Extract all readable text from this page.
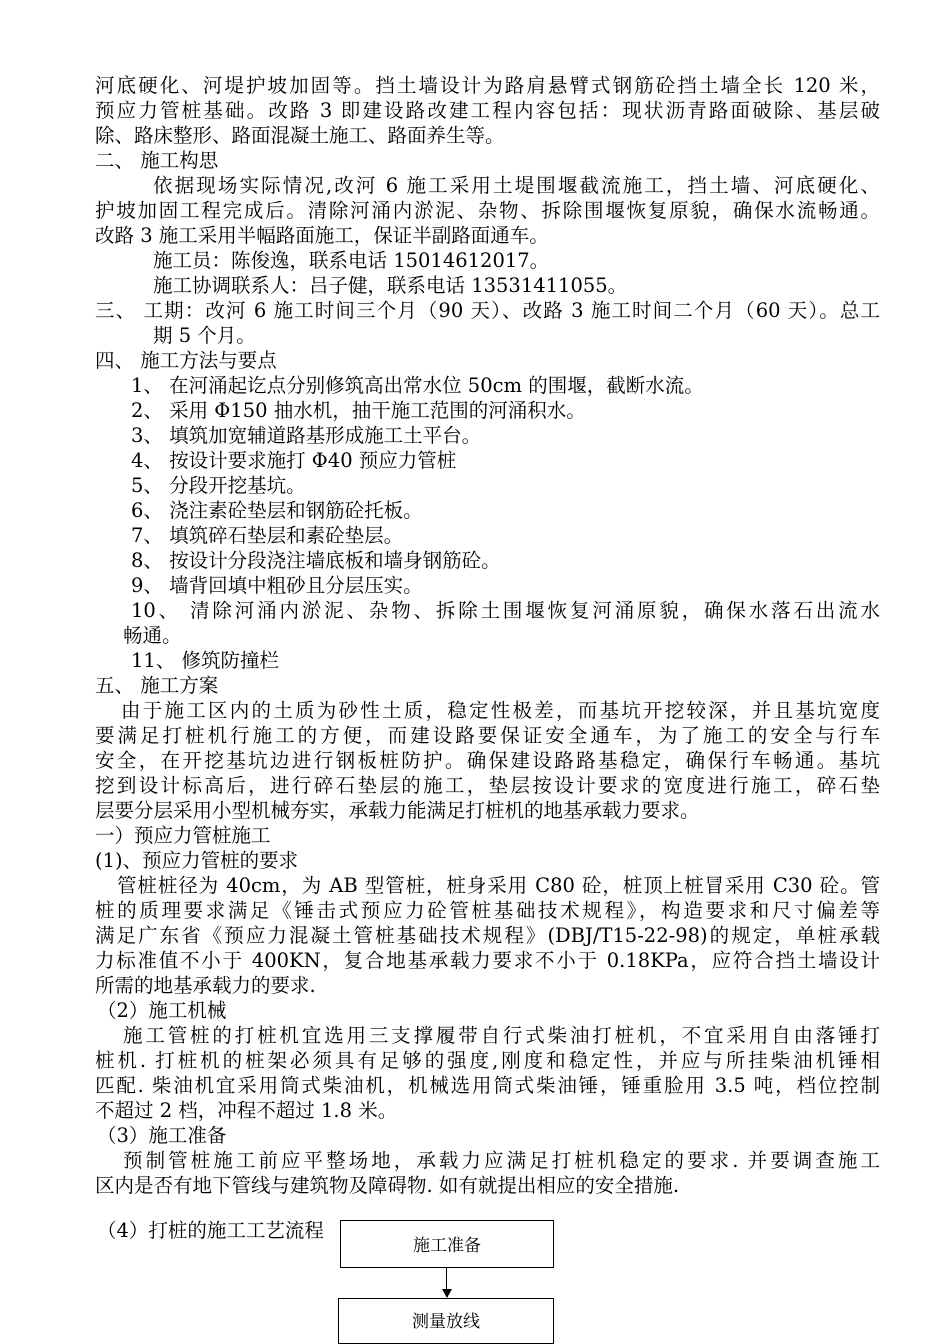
河底硬化、河堤护坡加固等。挡土墙设计为路肩悬臂式钢筋砼挡土墙全长 120 米，
预应力管桩基础。改路 3 即建设路改建工程内容包括：现状沥青路面破除、基层破
除、路床整形、路面混凝土施工、路面养生等。
二、 施工构思
依据现场实际情况,改河 6 施工采用土堤围堰截流施工，挡土墙、河底硬化、
护坡加固工程完成后。清除河涌内淤泥、杂物、拆除围堰恢复原貌，确保水流畅通。
改路 3 施工采用半幅路面施工，保证半副路面通车。
施工员：陈俊逸，联系电话 15014612017。
施工协调联系人：吕子健，联系电话 13531411055。
三、 工期：改河 6 施工时间三个月（90 天）、改路 3 施工时间二个月（60 天）。总工
期 5 个月。
四、 施工方法与要点
1、 在河涌起讫点分别修筑高出常水位 50cm 的围堰，截断水流。
2、 采用 Φ150 抽水机，抽干施工范围的河涌积水。
3、 填筑加宽辅道路基形成施工土平台。
4、 按设计要求施打 Φ40 预应力管桩
5、 分段开挖基坑。
6、 浇注素砼垫层和钢筋砼托板。
7、 填筑碎石垫层和素砼垫层。
8、 按设计分段浇注墙底板和墙身钢筋砼。
9、 墙背回填中粗砂且分层压实。
10、 清除河涌内淤泥、杂物、拆除土围堰恢复河涌原貌，确保水落石出流水
畅通。
11、 修筑防撞栏
五、 施工方案
由于施工区内的土质为砂性土质，稳定性极差，而基坑开挖较深，并且基坑宽度
要满足打桩机行施工的方便，而建设路要保证安全通车，为了施工的安全与行车
安全，在开挖基坑边进行钢板桩防护。确保建设路路基稳定，确保行车畅通。基坑
挖到设计标高后，进行碎石垫层的施工，垫层按设计要求的宽度进行施工，碎石垫
层要分层采用小型机械夯实，承载力能满足打桩机的地基承载力要求。
一）预应力管桩施工
(1)、预应力管桩的要求
管桩桩径为 40cm，为 AB 型管桩，桩身采用 C80 砼，桩顶上桩冒采用 C30 砼。管
桩的质理要求满足《锤击式预应力砼管桩基础技术规程》，构造要求和尺寸偏差等
满足广东省《预应力混凝土管桩基础技术规程》(DBJ/T15-22-98)的规定，单桩承载
力标准值不小于 400KN，复合地基承载力要求不小于 0.18KPa，应符合挡土墙设计
所需的地基承载力的要求.
（2）施工机械
施工管桩的打桩机宜选用三支撑履带自行式柴油打桩机，不宜采用自由落锤打
桩机. 打桩机的桩架必须具有足够的强度,刚度和稳定性，并应与所挂柴油机锤相
匹配. 柴油机宜采用筒式柴油机，机械选用筒式柴油锤，锤重脸用 3.5 吨，档位控制
不超过 2 档，冲程不超过 1.8 米。
（3）施工准备
预制管桩施工前应平整场地，承载力应满足打桩机稳定的要求. 并要调查施工
区内是否有地下管线与建筑物及障碍物. 如有就提出相应的安全措施.
（4）打桩的施工工艺流程
施工准备
测量放线
